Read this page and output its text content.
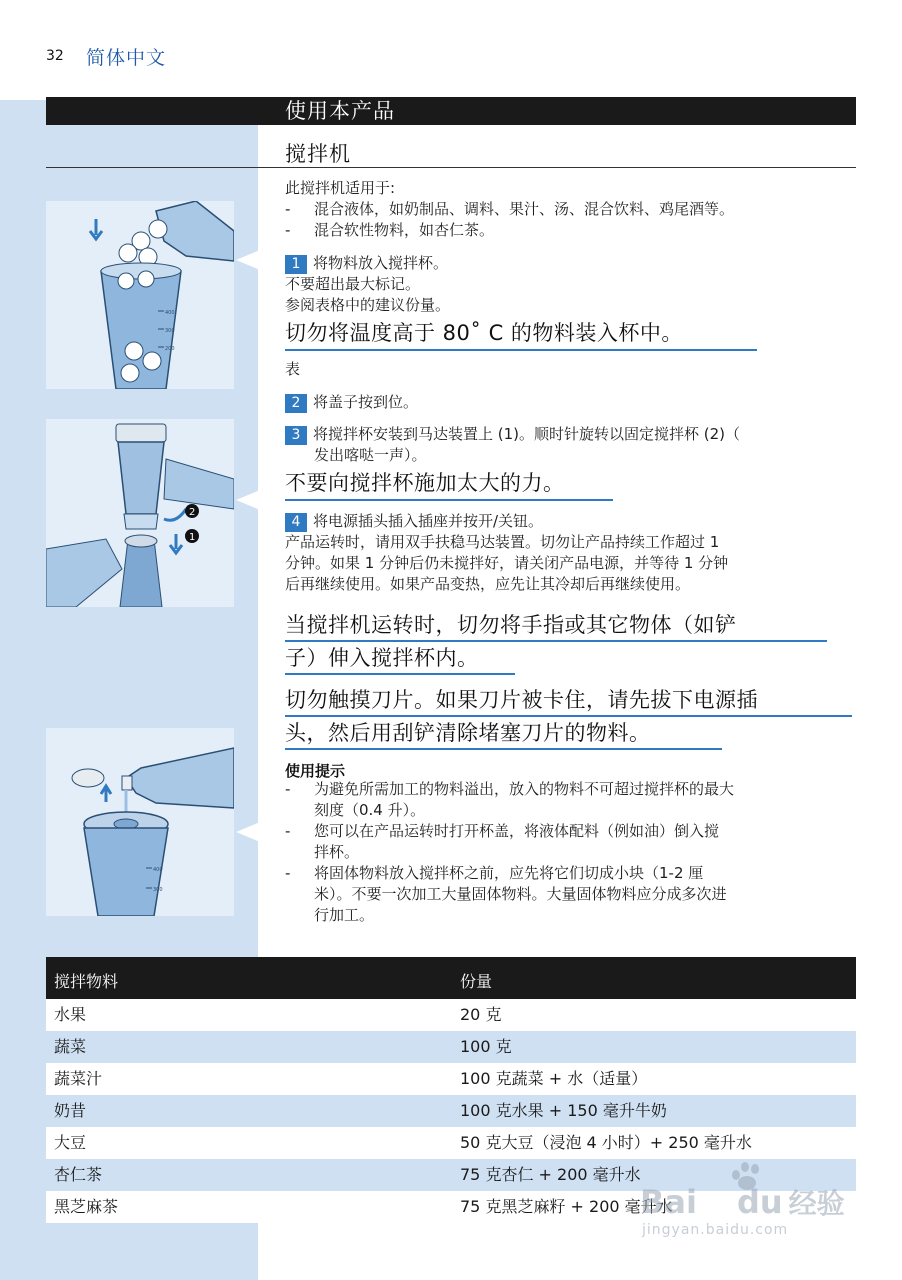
32 简体中文
使用本产品
搅拌机
400
300
200
2
1
400
300
此搅拌机适用于:
- 混合液体，如奶制品、调料、果汁、汤、混合饮料、鸡尾酒等。
- 混合软性物料，如杏仁茶。
1 将物料放入搅拌杯。
不要超出最大标记。
参阅表格中的建议份量。
切勿将温度高于 80˚ C 的物料装入杯中。
表
2 将盖子按到位。
3 将搅拌杯安装到马达装置上 (1)。顺时针旋转以固定搅拌杯 (2)（
发出喀哒一声）。
不要向搅拌杯施加太大的力。
4 将电源插头插入插座并按开/关钮。
产品运转时，请用双手扶稳马达装置。切勿让产品持续工作超过 1
分钟。如果 1 分钟后仍未搅拌好，请关闭产品电源，并等待 1 分钟
后再继续使用。如果产品变热，应先让其冷却后再继续使用。
当搅拌机运转时，切勿将手指或其它物体（如铲
子）伸入搅拌杯内。
切勿触摸刀片。如果刀片被卡住，请先拔下电源插
头，然后用刮铲清除堵塞刀片的物料。
使用提示
- 为避免所需加工的物料溢出，放入的物料不可超过搅拌杯的最大
刻度（0.4 升）。
- 您可以在产品运转时打开杯盖，将液体配料（例如油）倒入搅
拌杯。
- 将固体物料放入搅拌杯之前，应先将它们切成小块（1-2 厘
米）。不要一次加工大量固体物料。大量固体物料应分成多次进
行加工。
搅拌物料	份量
水果	20 克
蔬菜	100 克
蔬菜汁	100 克蔬菜 + 水（适量）
奶昔	100 克水果 + 150 毫升牛奶
大豆	50 克大豆（浸泡 4 小时）+ 250 毫升水
杏仁茶	75 克杏仁 + 200 毫升水
黑芝麻茶	75 克黑芝麻籽 + 200 毫升水
Bai du 经验
jingyan.baidu.com
